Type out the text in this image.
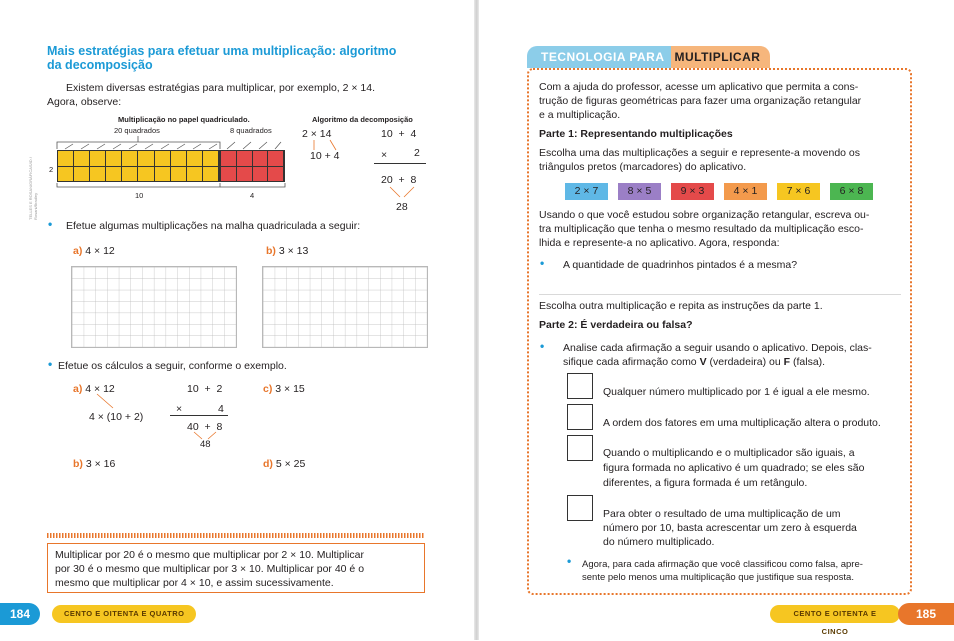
Mais estratégias para efetuar uma multiplicação: algoritmo
da decomposição
Existem diversas estratégias para multiplicar, por exemplo, 2 × 14.
Agora, observe:
Multiplicação no papel quadriculado.	Algoritmo da decomposição
20 quadrados	8 quadrados
2
10	4
TELLES E ROSANIGRÁFICAS/ID / Rosani/Bradley
2 × 14
10 + 4
10  +  4
×	2
20  +  8
28
• Efetue algumas multiplicações na malha quadriculada a seguir:
a) 4 × 12	b) 3 × 13
• Efetue os cálculos a seguir, conforme o exemplo.
a) 4 × 12
4 × (10 + 2)
10  +  2
×	4
40  +  8
48
c) 3 × 15
b) 3 × 16	d) 5 × 25
Multiplicar por 20 é o mesmo que multiplicar por 2 × 10. Multiplicar
por 30 é o mesmo que multiplicar por 3 × 10. Multiplicar por 40 é o
mesmo que multiplicar por 4 × 10, e assim sucessivamente.
184	CENTO E OITENTA E QUATRO
TECNOLOGIA PARA MULTIPLICAR
Com a ajuda do professor, acesse um aplicativo que permita a cons-
trução de figuras geométricas para fazer uma organização retangular
e a multiplicação.
Parte 1: Representando multiplicações
Escolha uma das multiplicações a seguir e represente-a movendo os
triângulos pretos (marcadores) do aplicativo.
2 × 7	8 × 5	9 × 3	4 × 1	7 × 6	6 × 8
Usando o que você estudou sobre organização retangular, escreva ou-
tra multiplicação que tenha o mesmo resultado da multiplicação esco-
lhida e represente-a no aplicativo. Agora, responda:
• A quantidade de quadrinhos pintados é a mesma?
Escolha outra multiplicação e repita as instruções da parte 1.
Parte 2: É verdadeira ou falsa?
• Analise cada afirmação a seguir usando o aplicativo. Depois, clas-
sifique cada afirmação como V (verdadeira) ou F (falsa).
Qualquer número multiplicado por 1 é igual a ele mesmo.
A ordem dos fatores em uma multiplicação altera o produto.
Quando o multiplicando e o multiplicador são iguais, a
figura formada no aplicativo é um quadrado; se eles são
diferentes, a figura formada é um retângulo.
Para obter o resultado de uma multiplicação de um
número por 10, basta acrescentar um zero à esquerda
do número multiplicado.
• Agora, para cada afirmação que você classificou como falsa, apre-
sente pelo menos uma multiplicação que justifique sua resposta.
CENTO E OITENTA E CINCO
185
